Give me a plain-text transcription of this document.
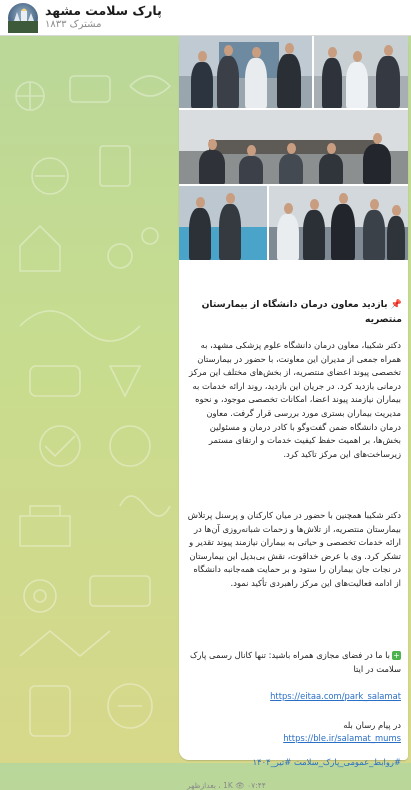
پارک سلامت مشهد
۱۸۳۳ مشترک
📌 بازدید معاون درمان دانشگاه از بیمارستان منتصریه
دکتر شکیبا، معاون درمان دانشگاه علوم پزشکی مشهد، به همراه جمعی از مدیران این معاونت، با حضور در بیمارستان تخصصی پیوند اعضای منتصریه، از بخش‌های مختلف این مرکز درمانی بازدید کرد. در جریان این بازدید، روند ارائه خدمات به بیماران نیازمند پیوند اعضا، امکانات تخصصی موجود، و نحوه مدیریت بیماران بستری مورد بررسی قرار گرفت. معاون درمان دانشگاه ضمن گفت‌وگو با کادر درمان و مسئولین بخش‌ها، بر اهمیت حفظ کیفیت خدمات و ارتقای مستمر زیرساخت‌های این مرکز تاکید کرد.
دکتر شکیبا همچنین با حضور در میان کارکنان و پرسنل پرتلاش بیمارستان منتصریه، از تلاش‌ها و زحمات شبانه‌روزی آن‌ها در ارائه خدمات تخصصی و حیاتی به بیماران نیازمند پیوند تقدیر و تشکر کرد. وی با عرض خداقوت، نقش بی‌بدیل این بیمارستان در نجات جان بیماران را ستود و بر حمایت همه‌جانبه دانشگاه از ادامه فعالیت‌های این مرکز راهبردی تأکید نمود.
+با ما در فضای مجازی همراه باشید: تنها کانال رسمی پارک سلامت در ایتا
https://eitaa.com/park_salamat
در پیام رسان بله
https://ble.ir/salamat_mums
#روابط_عمومی_پارک_سلامت #تیر_۱۴۰۴
1K 👁 ۰۷:۴۴ ، بعدازظهر
